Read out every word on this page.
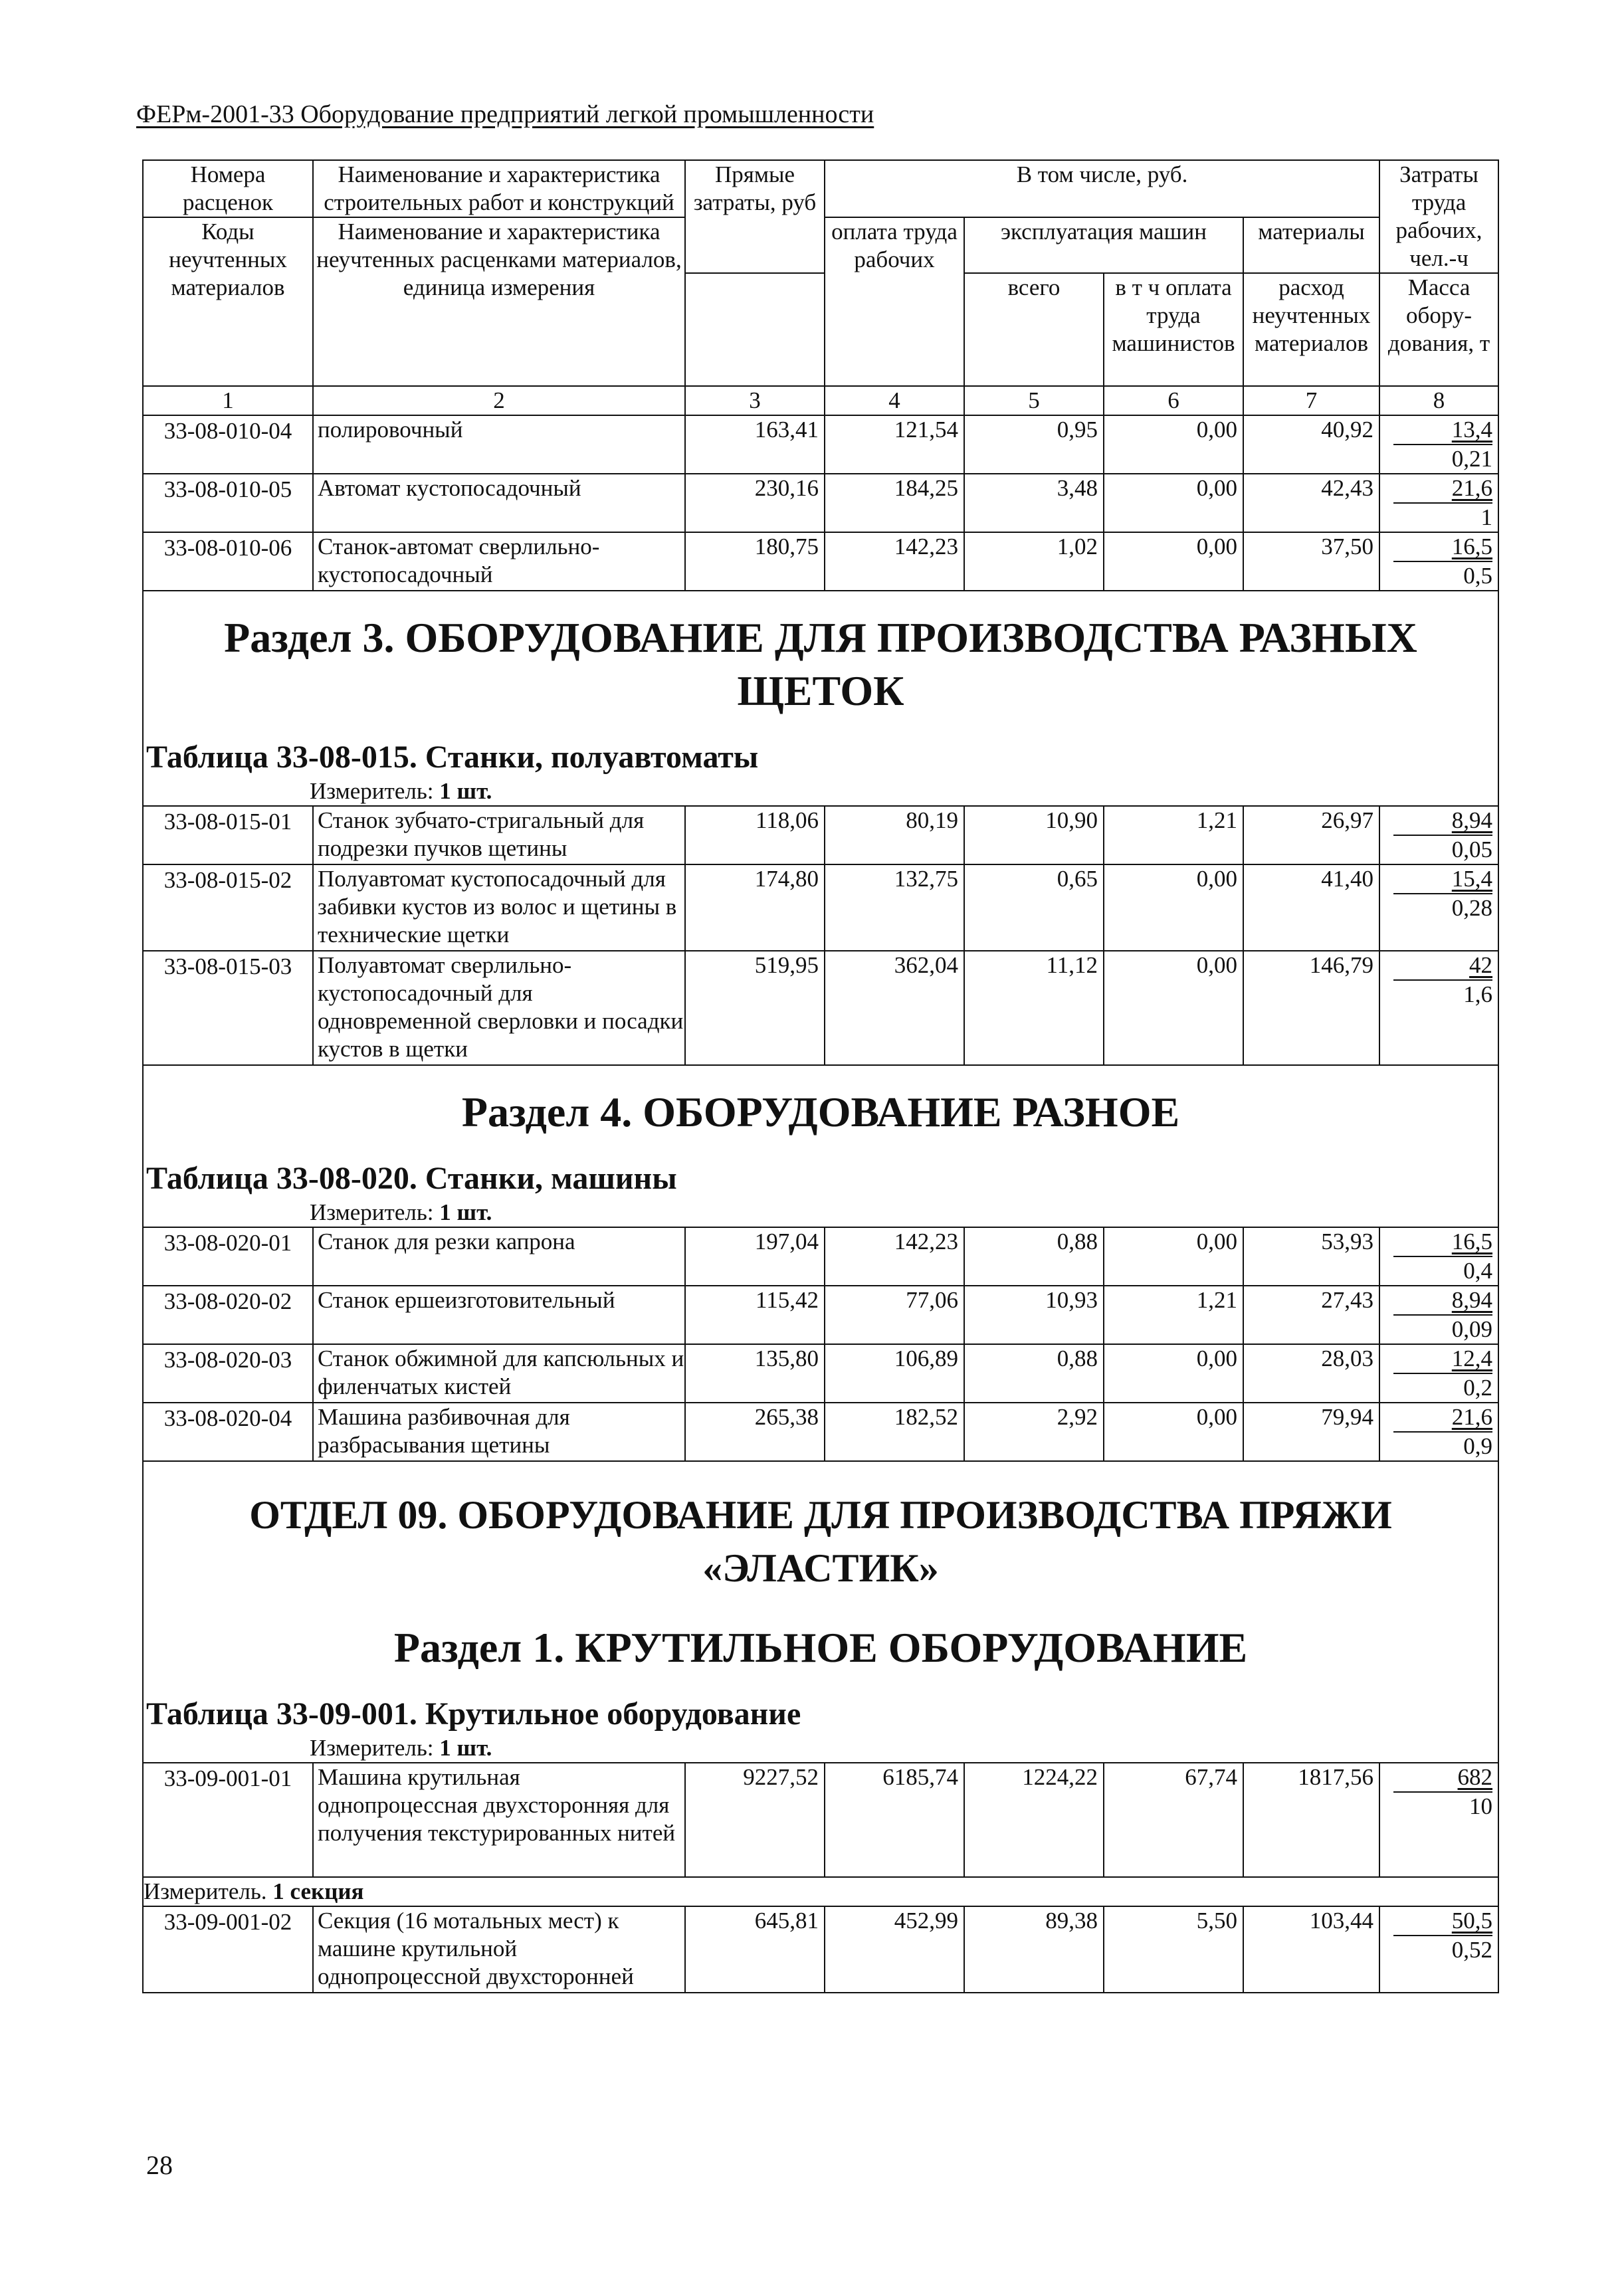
ФЕРм-2001-33 Оборудование предприятий легкой промышленности
Номера расценок	Наименование и характеристика строительных работ и конструкций	Прямые затраты, руб	В том числе, руб.				Затраты труда рабочих, чел.-ч
Коды неучтенных материалов	Наименование и характеристика неучтенных расценками материалов, единица измерения		оплата труда рабочих	эксплуатация машин		материалы	
				всего	в т ч оплата труда машинистов	расход неучтенных материалов	Масса обору-дования, т
1	2	3	4	5	6	7	8
33-08-010-04	полировочный	163,41	121,54	0,95	0,00	40,92	13,4
0,21
33-08-010-05	Автомат кустопосадочный	230,16	184,25	3,48	0,00	42,43	21,6
1
33-08-010-06	Станок-автомат сверлильно-кустопосадочный	180,75	142,23	1,02	0,00	37,50	16,5
0,5

Раздел 3. ОБОРУДОВАНИЕ ДЛЯ ПРОИЗВОДСТВА РАЗНЫХ ЩЕТОК
Таблица 33-08-015. Станки, полуавтоматы
Измеритель: 1 шт.							

33-08-015-01	Станок зубчато-стригальный для подрезки пучков щетины	118,06	80,19	10,90	1,21	26,97	8,94
0,05
33-08-015-02	Полуавтомат кустопосадочный для забивки кустов из волос и щетины в технические щетки	174,80	132,75	0,65	0,00	41,40	15,4
0,28
33-08-015-03	Полуавтомат сверлильно-кустопосадочный для одновременной сверловки и посадки кустов в щетки	519,95	362,04	11,12	0,00	146,79	42
1,6

Раздел 4. ОБОРУДОВАНИЕ РАЗНОЕ
Таблица 33-08-020. Станки, машины
Измеритель: 1 шт.							

33-08-020-01	Станок для резки капрона	197,04	142,23	0,88	0,00	53,93	16,5
0,4
33-08-020-02	Станок ершеизготовительный	115,42	77,06	10,93	1,21	27,43	8,94
0,09
33-08-020-03	Станок обжимной для капсюльных и филенчатых кистей	135,80	106,89	0,88	0,00	28,03	12,4
0,2
33-08-020-04	Машина разбивочная для разбрасывания щетины	265,38	182,52	2,92	0,00	79,94	21,6
0,9

ОТДЕЛ 09. ОБОРУДОВАНИЕ ДЛЯ ПРОИЗВОДСТВА ПРЯЖИ «ЭЛАСТИК»
Раздел 1. КРУТИЛЬНОЕ ОБОРУДОВАНИЕ
Таблица 33-09-001. Крутильное оборудование
Измеритель: 1 шт.							

33-09-001-01	Машина крутильная однопроцессная двухсторонняя для получения текстурированных нитей	9227,52	6185,74	1224,22	67,74	1817,56	682
10
Измеритель. 1 секция							
33-09-001-02	Секция (16 мотальных мест) к машине крутильной однопроцессной двухсторонней	645,81	452,99	89,38	5,50	103,44	50,5
0,52
28
